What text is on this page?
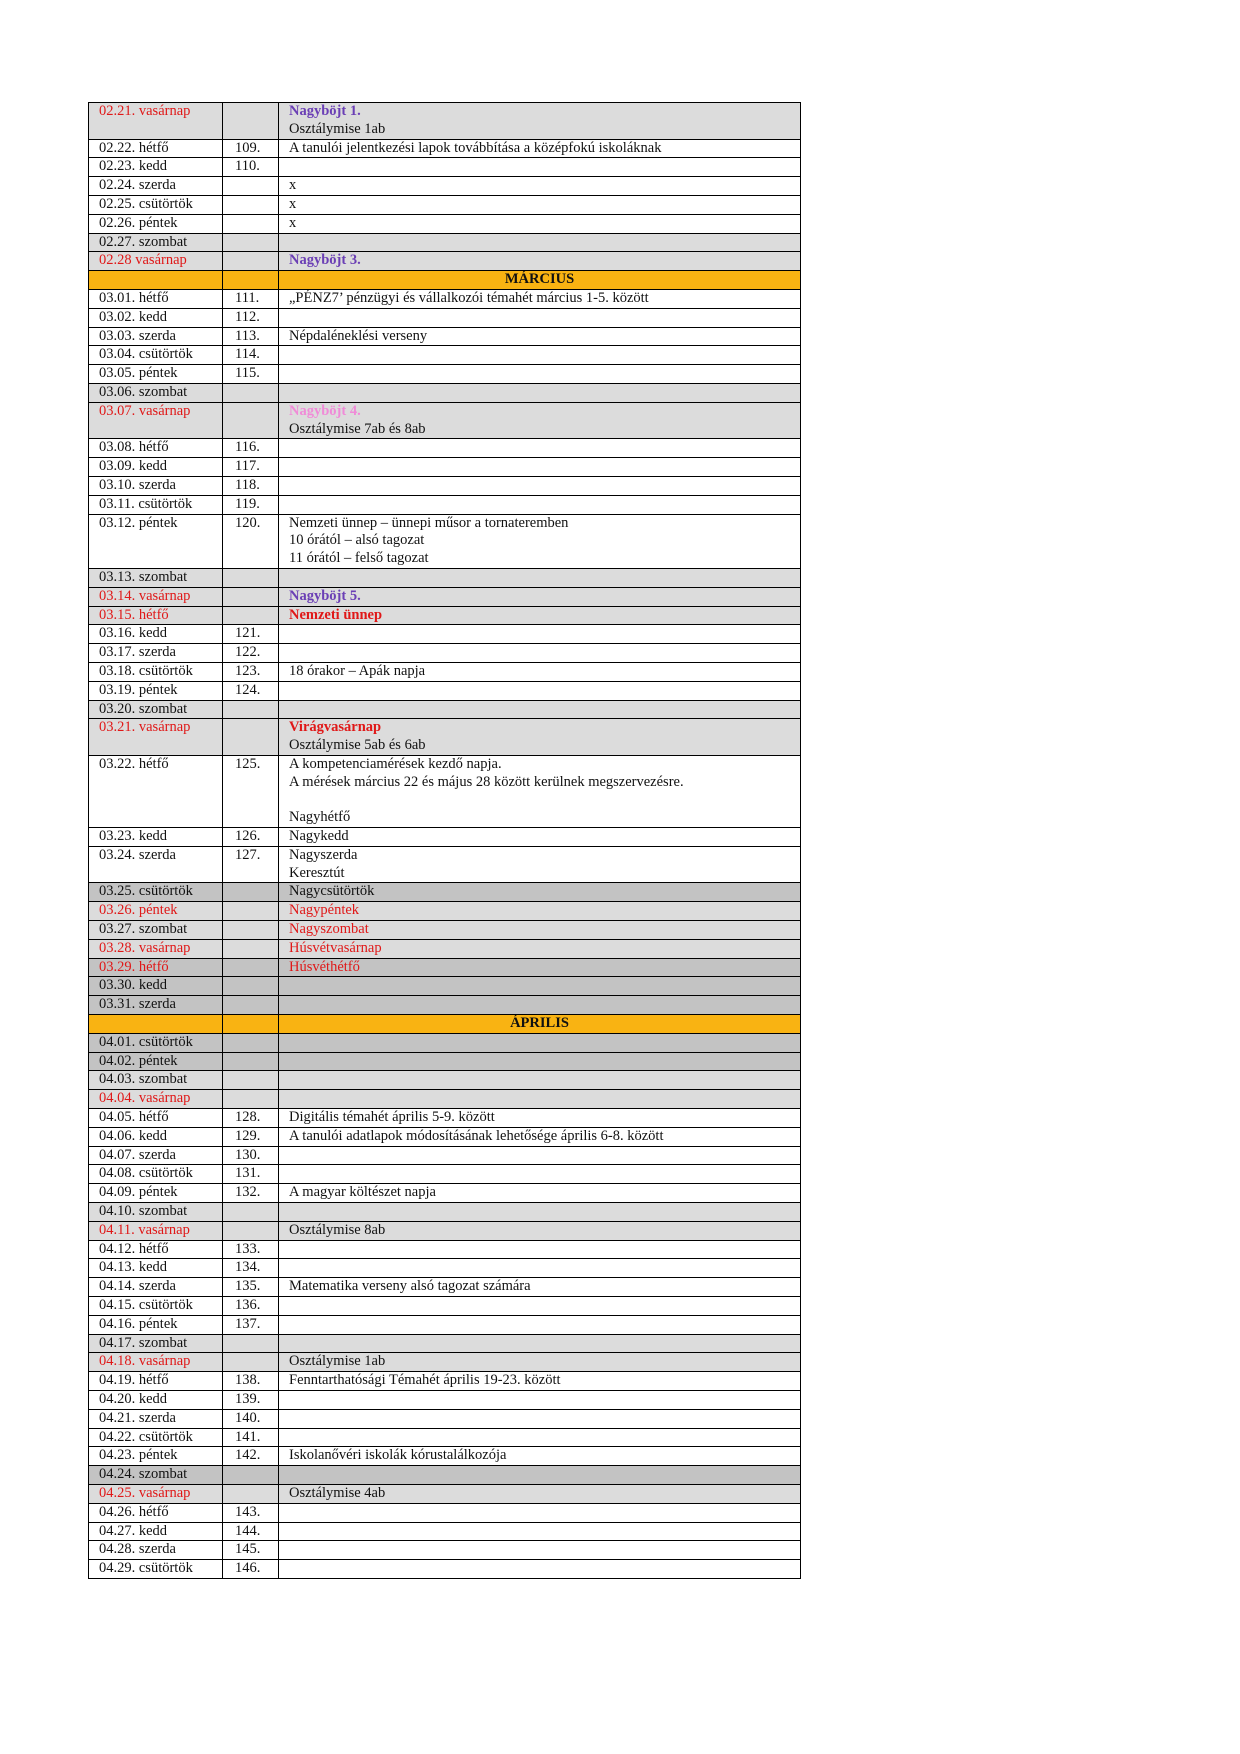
02.21. vasárnap		Nagyböjt 1.
Osztálymise 1ab

02.22. hétfő	109.	A tanulói jelentkezési lapok továbbítása a középfokú iskoláknak

02.23. kedd	110.	
02.24. szerda		x

02.25. csütörtök		x

02.26. péntek		x

02.27. szombat		
02.28 vasárnap		Nagyböjt 3.

		MÁRCIUS
03.01. hétfő	111.	„PÉNZ7’ pénzügyi és vállalkozói témahét március 1-5. között

03.02. kedd	112.	
03.03. szerda	113.	Népdaléneklési verseny

03.04. csütörtök	114.	
03.05. péntek	115.	
03.06. szombat		
03.07. vasárnap		Nagyböjt 4.
Osztálymise 7ab és 8ab

03.08. hétfő	116.	
03.09. kedd	117.	
03.10. szerda	118.	
03.11. csütörtök	119.	
03.12. péntek	120.	Nemzeti ünnep – ünnepi műsor a tornateremben
10 órától – alsó tagozat
11 órától – felső tagozat

03.13. szombat		
03.14. vasárnap		Nagyböjt 5.

03.15. hétfő		Nemzeti ünnep

03.16. kedd	121.	
03.17. szerda	122.	
03.18. csütörtök	123.	18 órakor – Apák napja

03.19. péntek	124.	
03.20. szombat		
03.21. vasárnap		Virágvasárnap
Osztálymise 5ab és 6ab

03.22. hétfő	125.	A kompetenciamérések kezdő napja.
A mérések március 22 és május 28 között kerülnek megszervezésre.
Nagyhétfő

03.23. kedd	126.	Nagykedd

03.24. szerda	127.	Nagyszerda
Keresztút

03.25. csütörtök		Nagycsütörtök

03.26. péntek		Nagypéntek

03.27. szombat		Nagyszombat

03.28. vasárnap		Húsvétvasárnap

03.29. hétfő		Húsvéthétfő

03.30. kedd		
03.31. szerda		
		ÁPRILIS
04.01. csütörtök		
04.02. péntek		
04.03. szombat		
04.04. vasárnap		
04.05. hétfő	128.	Digitális témahét április 5-9. között

04.06. kedd	129.	A tanulói adatlapok módosításának lehetősége április 6-8. között

04.07. szerda	130.	
04.08. csütörtök	131.	
04.09. péntek	132.	A magyar költészet napja

04.10. szombat		
04.11. vasárnap		Osztálymise 8ab

04.12. hétfő	133.	
04.13. kedd	134.	
04.14. szerda	135.	Matematika verseny alsó tagozat számára

04.15. csütörtök	136.	
04.16. péntek	137.	
04.17. szombat		
04.18. vasárnap		Osztálymise 1ab

04.19. hétfő	138.	Fenntarthatósági Témahét április 19-23. között

04.20. kedd	139.	
04.21. szerda	140.	
04.22. csütörtök	141.	
04.23. péntek	142.	Iskolanővéri iskolák kórustalálkozója

04.24. szombat		
04.25. vasárnap		Osztálymise 4ab

04.26. hétfő	143.	
04.27. kedd	144.	
04.28. szerda	145.	
04.29. csütörtök	146.	
